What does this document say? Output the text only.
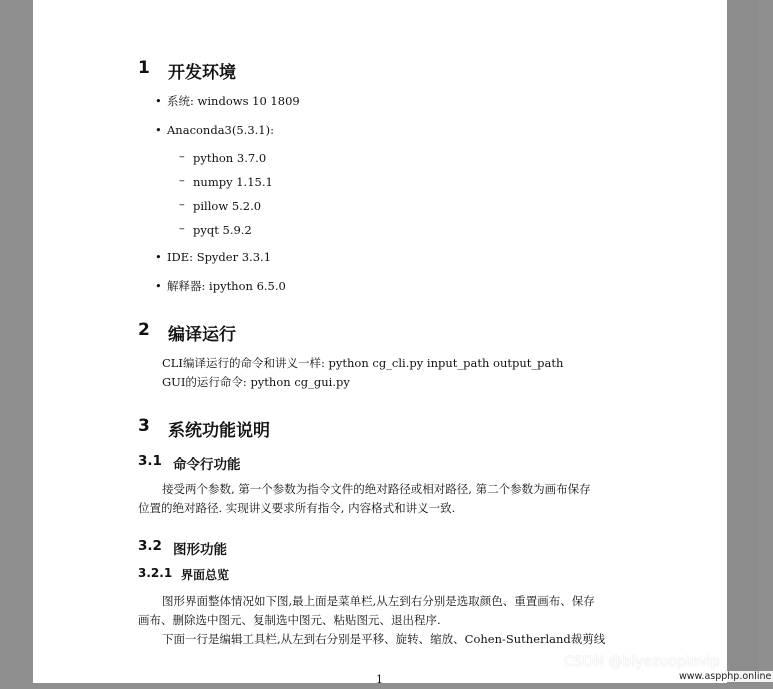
1 开发环境
• 系统: windows 10 1809
• Anaconda3(5.3.1):
– python 3.7.0
– numpy 1.15.1
– pillow 5.2.0
– pyqt 5.9.2
• IDE: Spyder 3.3.1
• 解释器: ipython 6.5.0
2 编译运行
CLI编译运行的命令和讲义一样: python cg_cli.py input_path output_path
GUI的运行命令: python cg_gui.py
3 系统功能说明
3.1 命令行功能
接受两个参数, 第一个参数为指令文件的绝对路径或相对路径, 第二个参数为画布保存
位置的绝对路径. 实现讲义要求所有指令, 内容格式和讲义一致.
3.2 图形功能
3.2.1 界面总览
图形界面整体情况如下图,最上面是菜单栏,从左到右分别是选取颜色、重置画布、保存
画布、删除选中图元、复制选中图元、粘贴图元、退出程序.
下面一行是编辑工具栏,从左到右分别是平移、旋转、缩放、Cohen-Sutherland裁剪线
1
CSDN @biyezuopinvip
www.aspphp.online
